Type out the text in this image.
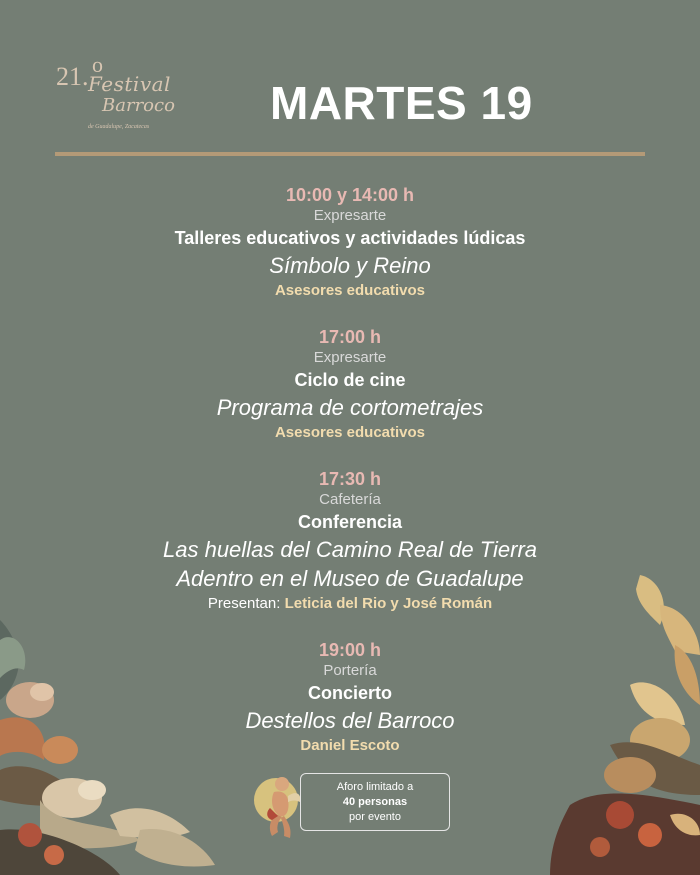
21. o
Festival
Barroco
de Guadalupe, Zacatecas	MARTES 19
10:00 y 14:00 h
Expresarte
Talleres educativos y actividades lúdicas
Símbolo y Reino
Asesores educativos
17:00 h
Expresarte
Ciclo de cine
Programa de cortometrajes
Asesores educativos
17:30 h
Cafetería
Conferencia
Las huellas del Camino Real de Tierra
Adentro en el Museo de Guadalupe
Presentan: Leticia del Rio y José Román
19:00 h
Portería
Concierto
Destellos del Barroco
Daniel Escoto
Aforo limitado a
40 personas
por evento
